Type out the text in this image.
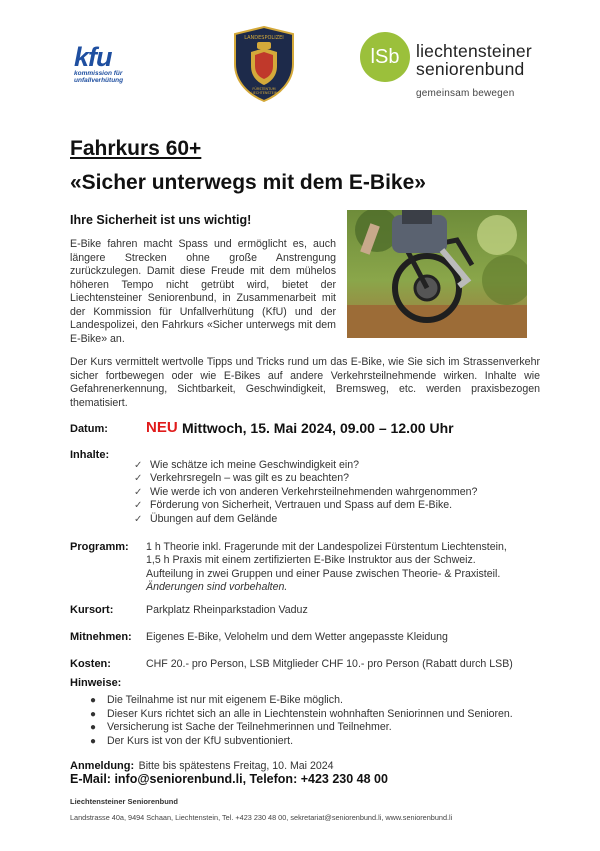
kfu
kommission für
unfallverhütung
LANDESPOLIZEI
FÜRSTENTUM
LIECHTENSTEIN
lSb liechtensteiner
seniorenbund
gemeinsam bewegen
Fahrkurs 60+
«Sicher unterwegs mit dem E-Bike»
Ihre Sicherheit ist uns wichtig!
E-Bike fahren macht Spass und ermöglicht es, auch längere Strecken ohne große Anstrengung zurückzulegen. Damit diese Freude mit dem mühelos höheren Tempo nicht getrübt wird, bietet der Liechtensteiner Seniorenbund, in Zusammenarbeit mit der Kommission für Unfallverhütung (KfU) und der Landespolizei, den Fahrkurs «Sicher unterwegs mit dem E-Bike» an.
Der Kurs vermittelt wertvolle Tipps und Tricks rund um das E-Bike, wie Sie sich im Strassenverkehr sicher fortbewegen oder wie E-Bikes auf andere Verkehrsteilnehmende wirken. Inhalte wie Gefahrenerkennung, Sichtbarkeit, Geschwindigkeit, Bremsweg, etc. werden praxisbezogen thematisiert.
Datum:	NEU Mittwoch, 15. Mai 2024, 09.00 – 12.00 Uhr
Inhalte:
✓ Wie schätze ich meine Geschwindigkeit ein?
✓ Verkehrsregeln – was gilt es zu beachten?
✓ Wie werde ich von anderen Verkehrsteilnehmenden wahrgenommen?
✓ Förderung von Sicherheit, Vertrauen und Spass auf dem E-Bike.
✓ Übungen auf dem Gelände
Programm: 1 h Theorie inkl. Fragerunde mit der Landespolizei Fürstentum Liechtenstein,
1,5 h Praxis mit einem zertifizierten E-Bike Instruktor aus der Schweiz.
Aufteilung in zwei Gruppen und einer Pause zwischen Theorie- & Praxisteil.
Änderungen sind vorbehalten.
Kursort:	Parkplatz Rheinparkstadion Vaduz
Mitnehmen: Eigenes E-Bike, Velohelm und dem Wetter angepasste Kleidung
Kosten:	CHF 20.- pro Person, LSB Mitglieder CHF 10.- pro Person (Rabatt durch LSB)
Hinweise:
● Die Teilnahme ist nur mit eigenem E-Bike möglich.
● Dieser Kurs richtet sich an alle in Liechtenstein wohnhaften Seniorinnen und Senioren.
● Versicherung ist Sache der Teilnehmerinnen und Teilnehmer.
● Der Kurs ist von der KfU subventioniert.
Anmeldung: Bitte bis spätestens Freitag, 10. Mai 2024
E-Mail: info@seniorenbund.li, Telefon: +423 230 48 00
Liechtensteiner Seniorenbund
Landstrasse 40a, 9494 Schaan, Liechtenstein, Tel. +423 230 48 00, sekretariat@seniorenbund.li, www.seniorenbund.li
